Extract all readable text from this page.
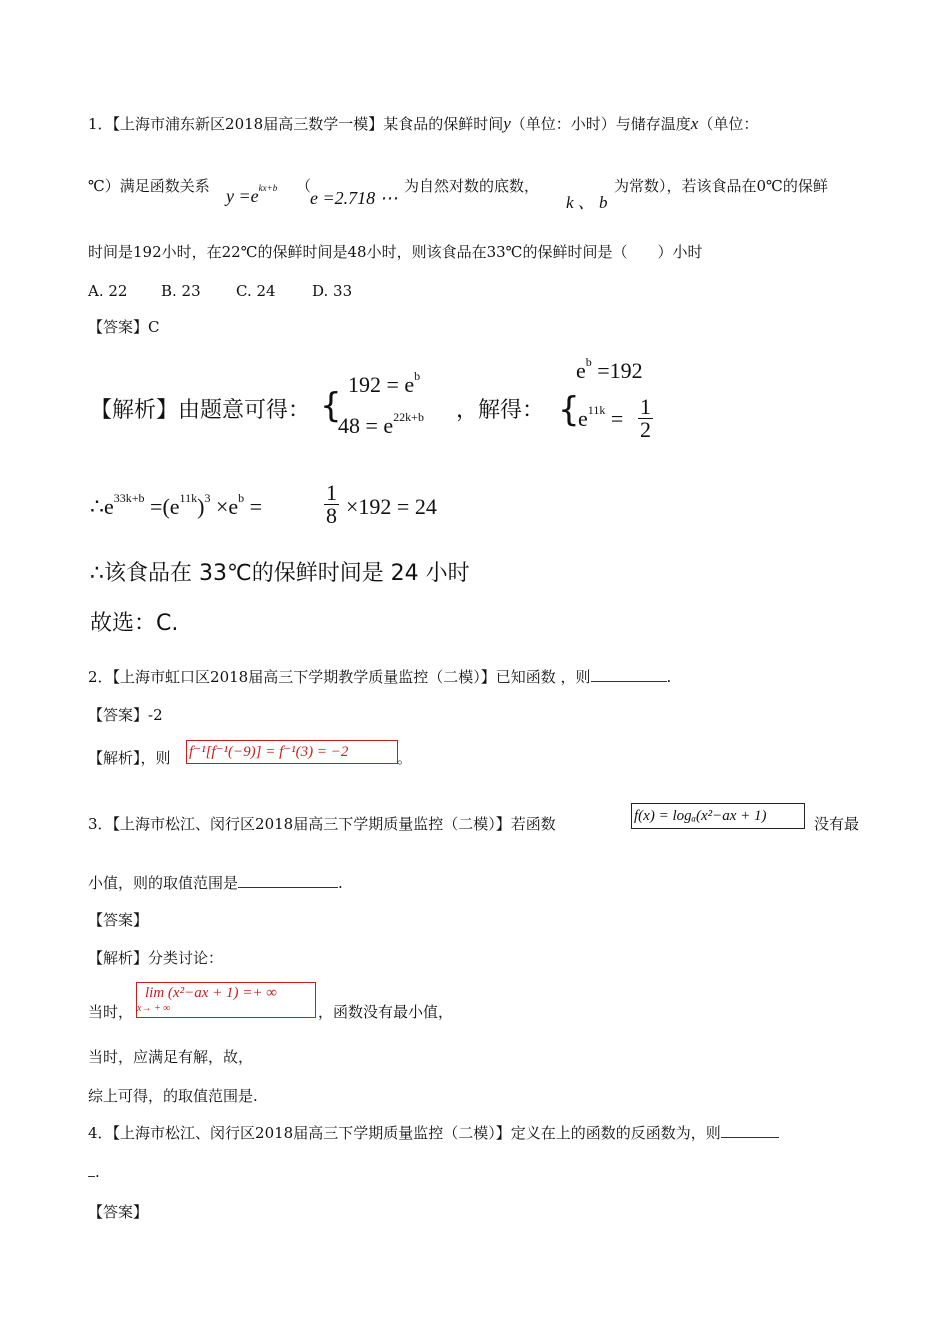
1．【上海市浦东新区2018届高三数学一模】某食品的保鲜时间y（单位：小时）与储存温度x（单位：
℃）满足函数关系 $y =e^{kx+b}$ （
e =2.718 ⋯
为自然对数的底数，
k 、 b
为常数），若该食品在0℃的保鲜
时间是192小时，在22℃的保鲜时间是48小时，则该食品在33℃的保鲜时间是（　　）小时
A. 22 B. 23 C. 24 D. 33
【答案】C
【解析】由题意可得： {
$192 = e^b$
$48 = e^{22k+b}$ ，解得： {
$e^b =192$
$e^{11k} = \frac{1}{2}$
$\therefore e^{33k+b} =(e^{11k})^3 \times e^b$ =	$\frac{1}{8} \times 192 = 24$
∴该食品在 33℃的保鲜时间是 24 小时
故选：C.
2．【上海市虹口区2018届高三下学期教学质量监控（二模）】已知函数 ，则	.
【答案】-2
【解析】，则 f⁻¹[f⁻¹(−9)] = f⁻¹(3) = −2	。
3．【上海市松江、闵行区2018届高三下学期质量监控（二模）】若函数	f(x) = logₐ(x²−ax + 1)	没有最
小值，则的取值范围是	.
【答案】
【解析】分类讨论：
当时，
lim (x²−ax + 1) =+ ∞
x→ + ∞	，函数没有最小值，
当时，应满足有解，故，
综上可得，的取值范围是.
4．【上海市松江、闵行区2018届高三下学期质量监控（二模）】定义在上的函数的反函数为，则
.
【答案】
